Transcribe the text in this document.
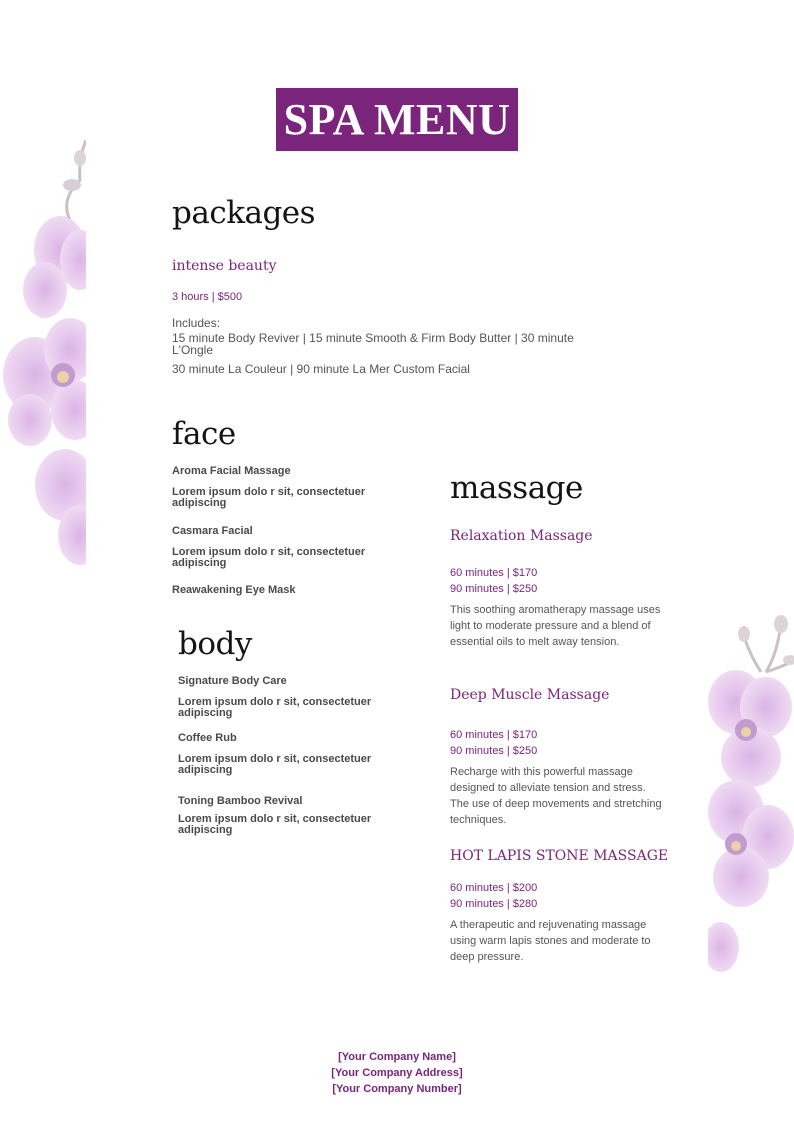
SPA MENU
packages
intense beauty
3 hours | $500
Includes:
15 minute Body Reviver | 15 minute Smooth & Firm Body Butter | 30 minute L'Ongle
30 minute La Couleur | 90 minute La Mer Custom Facial
face
Aroma Facial Massage
Lorem ipsum dolo r sit, consectetuer adipiscing
Casmara Facial
Lorem ipsum dolo r sit, consectetuer adipiscing
Reawakening Eye Mask
body
Signature Body Care
Lorem ipsum dolo r sit, consectetuer adipiscing
Coffee Rub
Lorem ipsum dolo r sit, consectetuer adipiscing
Toning Bamboo Revival
Lorem ipsum dolo r sit, consectetuer adipiscing
massage
Relaxation Massage
60 minutes | $170
90 minutes | $250
This soothing aromatherapy massage uses light to moderate pressure and a blend of essential oils to melt away tension.
Deep Muscle Massage
60 minutes | $170
90 minutes | $250
Recharge with this powerful massage designed to alleviate tension and stress. The use of deep movements and stretching techniques.
HOT LAPIS STONE MASSAGE
60 minutes | $200
90 minutes | $280
A therapeutic and rejuvenating massage using warm lapis stones and moderate to deep pressure.
[Your Company Name]
[Your Company Address]
[Your Company Number]
